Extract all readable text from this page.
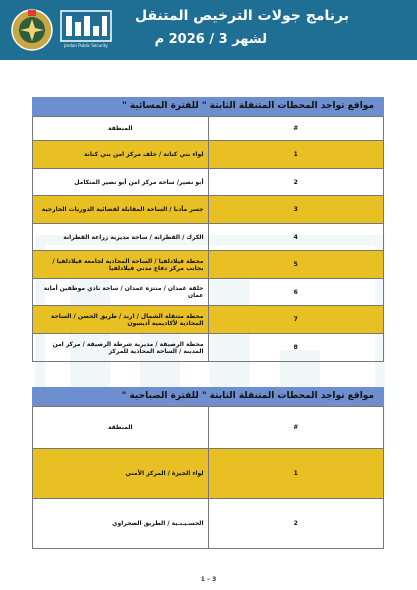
Jordan Public Security
برنامج جولات الترخيص المتنقل
لشهر 3 / 2026 م
مواقع تواجد المحطات المتنقلة الثابتة " للفترة المسائية "
المنطقة	#
لواء بني كنانة / خلف مركز امن بني كنانة	1
أبو نصير/ ساحة مركز امن أبو نصير المتكامل	2
جسر مأدبا / الساحة المقابلة لقضائية الدوريات الخارجية	3
الكرك / القطرانة / ساحة مديرية زراعة القطرانة	4
محطة فيلادلفيا / الساحة المحاذية لجامعة فيلادلفيا / بجانب مركز دفاع مدني فيلادلفيا	5
حلقة غمدان / منتزه غمدان / ساحة نادي موظفين أمانة عمان	6
محطة متنقلة الشمال / اربد / طريق الحصن / الساحة المحاذية لأكاديمية أديسون	7
محطة الرصيفة / مديرية شرطة الرصيفة / مركز امن المدينة / الساحة المحاذية للمركز	8
مواقع تواجد المحطات المتنقلة الثابتة " للفترة الصباحية "
المنطقة	#
لواء الجيزة / المركز الأمني	1
الحسـيـنـية / الطريق الصحراوي	2
1 – 3
